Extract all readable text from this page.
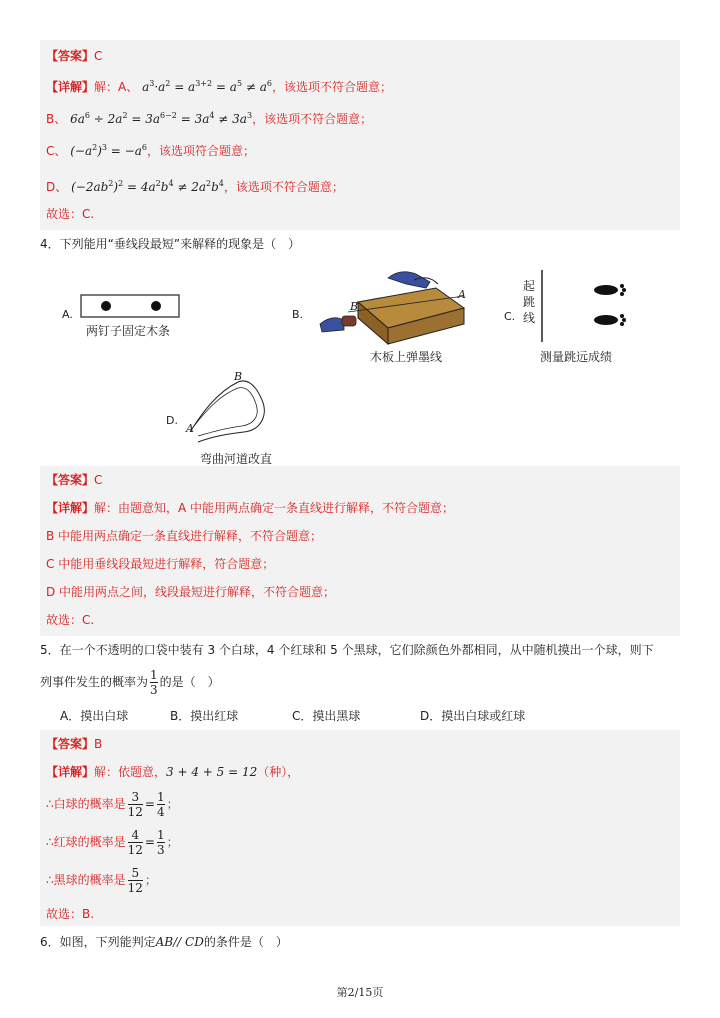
【答案】C
【详解】解：A、 $a^3\cdot a^2 = a^{3+2} = a^5 \ne a^6$，该选项不符合题意；
B、 $6a^6 \div 2a^2 = 3a^{6-2} = 3a^4 \ne 3a^3$，该选项不符合题意；
C、 $(-a^2)^3 = -a^6$，该选项符合题意；
D、 $(-2ab^2)^2 = 4a^2b^4 \ne 2a^2b^4$，该选项不符合题意；
故选：C.
4．下列能用“垂线段最短”来解释的现象是（　）
A.
两钉子固定木条
B.
B
A
木板上弹墨线
C.
起跳线
测量跳远成绩
D.
B
A
弯曲河道改直
【答案】C
【详解】解：由题意知，A 中能用两点确定一条直线进行解释，不符合题意；
B 中能用两点确定一条直线进行解释，不符合题意；
C 中能用垂线段最短进行解释，符合题意；
D 中能用两点之间，线段最短进行解释，不符合题意；
故选：C.
5．在一个不透明的口袋中装有 3 个白球，4 个红球和 5 个黑球，它们除颜色外都相同，从中随机摸出一个球，则下
列事件发生的概率为 $\frac{1}{3}$ 的是（　）
A．摸出白球	B．摸出红球	C．摸出黑球	D．摸出白球或红球
【答案】B
【详解】解：依题意，3 + 4 + 5 = 12（种），
∴白球的概率是 $\frac{3}{12} = \frac{1}{4}$ ；
∴红球的概率是 $\frac{4}{12} = \frac{1}{3}$ ；
∴黑球的概率是 $\frac{5}{12}$ ；
故选：B.
6．如图，下列能判定AB// CD的条件是（　）
第2/15页
